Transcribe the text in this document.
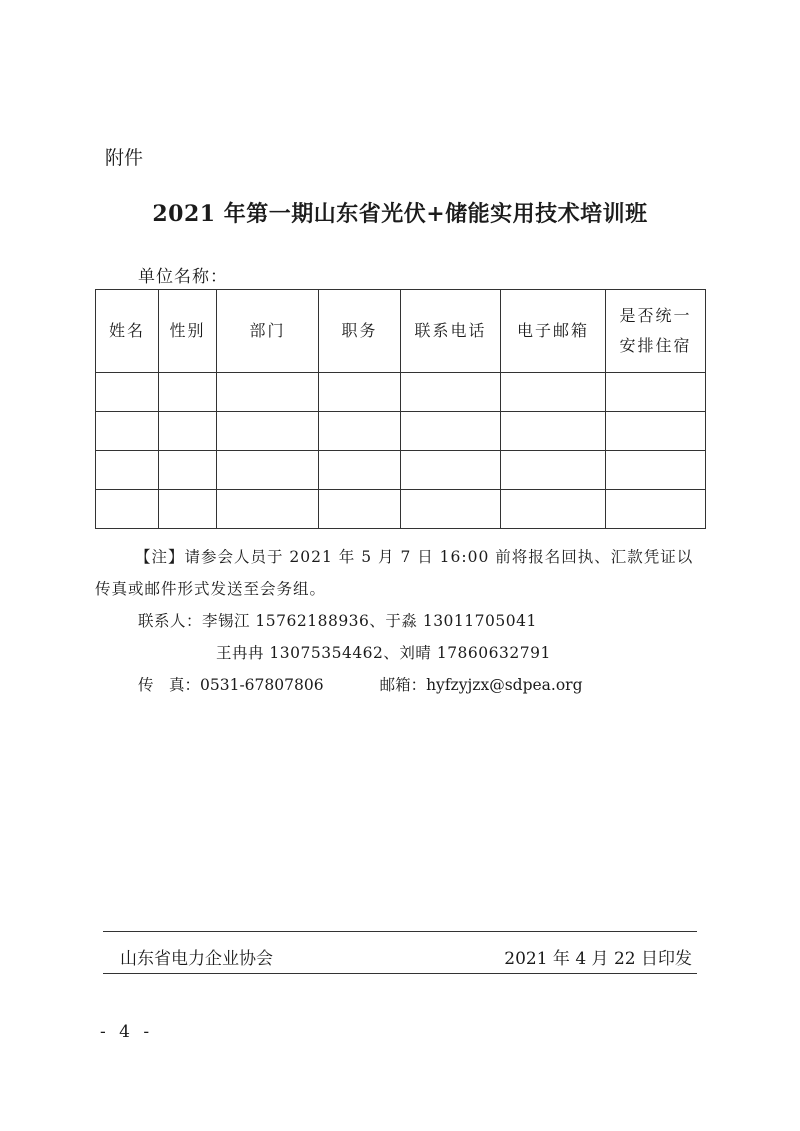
附件
2021 年第一期山东省光伏+储能实用技术培训班
单位名称：
姓名	性别	部门	职务	联系电话	电子邮箱	是否统一
安排住宿

【注】请参会人员于 2021 年 5 月 7 日 16:00 前将报名回执、汇款凭证以传真或邮件形式发送至会务组。

联系人：李锡江 15762188936、于淼 13011705041

王冉冉 13075354462、刘晴 17860632791

传　真：0531-67807806	邮箱：hyfzyjzx@sdpea.org

山东省电力企业协会	2021 年 4 月 22 日印发
- 4 -
